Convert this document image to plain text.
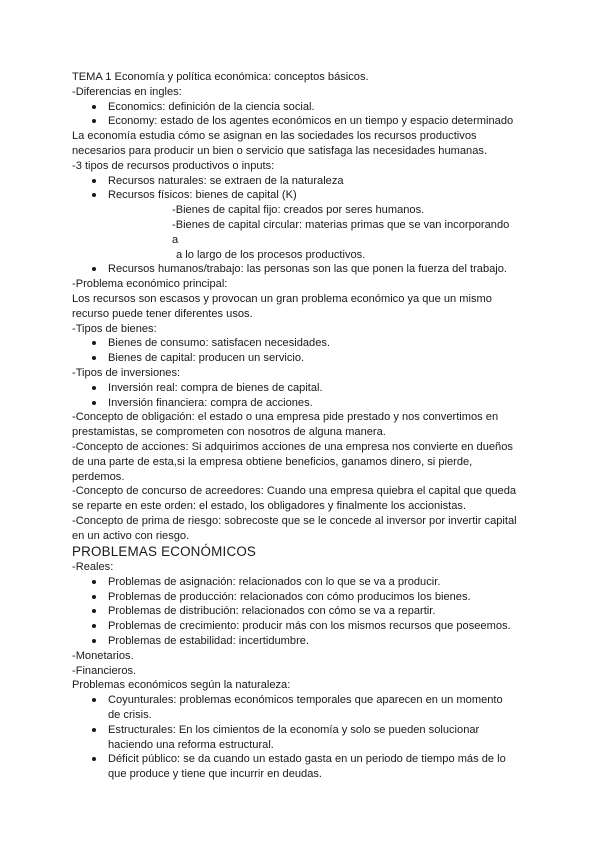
TEMA 1 Economía y política económica: conceptos básicos.

-Diferencias en ingles:

Economics: definición de la ciencia social.

Economy: estado de los agentes económicos en un tiempo y espacio determinado

La economía estudia cómo se asignan en las sociedades los recursos productivos necesarios para producir un bien o servicio que satisfaga las necesidades humanas.

-3 tipos de recursos productivos o inputs:

Recursos naturales: se extraen de la naturaleza

Recursos físicos: bienes de capital (K)

-Bienes de capital fijo: creados por seres humanos.

-Bienes de capital circular: materias primas que se van incorporando a

a lo largo de los procesos productivos.

Recursos humanos/trabajo: las personas son las que ponen la fuerza del trabajo.

-Problema económico principal:

Los recursos son escasos y provocan un gran problema económico ya que un mismo recurso puede tener diferentes usos.

-Tipos de bienes:

Bienes de consumo: satisfacen necesidades.

Bienes de capital: producen un servicio.

-Tipos de inversiones:

Inversión real: compra de bienes de capital.

Inversión financiera: compra de acciones.

-Concepto de obligación: el estado o una empresa pide prestado y nos convertimos en prestamistas, se comprometen con nosotros de alguna manera.

-Concepto de acciones: Si adquirimos acciones de una empresa nos convierte en dueños de una parte de esta,si la empresa obtiene beneficios, ganamos dinero, si pierde, perdemos.

-Concepto de concurso de acreedores: Cuando una empresa quiebra el capital que queda se reparte en este orden: el estado, los obligadores y finalmente los accionistas.

-Concepto de prima de riesgo: sobrecoste que se le concede al inversor por invertir capital en un activo con riesgo.

PROBLEMAS ECONÓMICOS

-Reales:

Problemas de asignación: relacionados con lo que se va a producir.

Problemas de producción: relacionados con cómo producimos los bienes.

Problemas de distribución: relacionados con cómo se va a repartir.

Problemas de crecimiento: producir más con los mismos recursos que poseemos.

Problemas de estabilidad: incertidumbre.

-Monetarios.

-Financieros.

Problemas económicos según la naturaleza:

Coyunturales: problemas económicos temporales que aparecen en un momento de crisis.

Estructurales: En los cimientos de la economía y solo se pueden solucionar haciendo una reforma estructural.

Déficit público: se da cuando un estado gasta en un periodo de tiempo más de lo que produce y tiene que incurrir en deudas.
